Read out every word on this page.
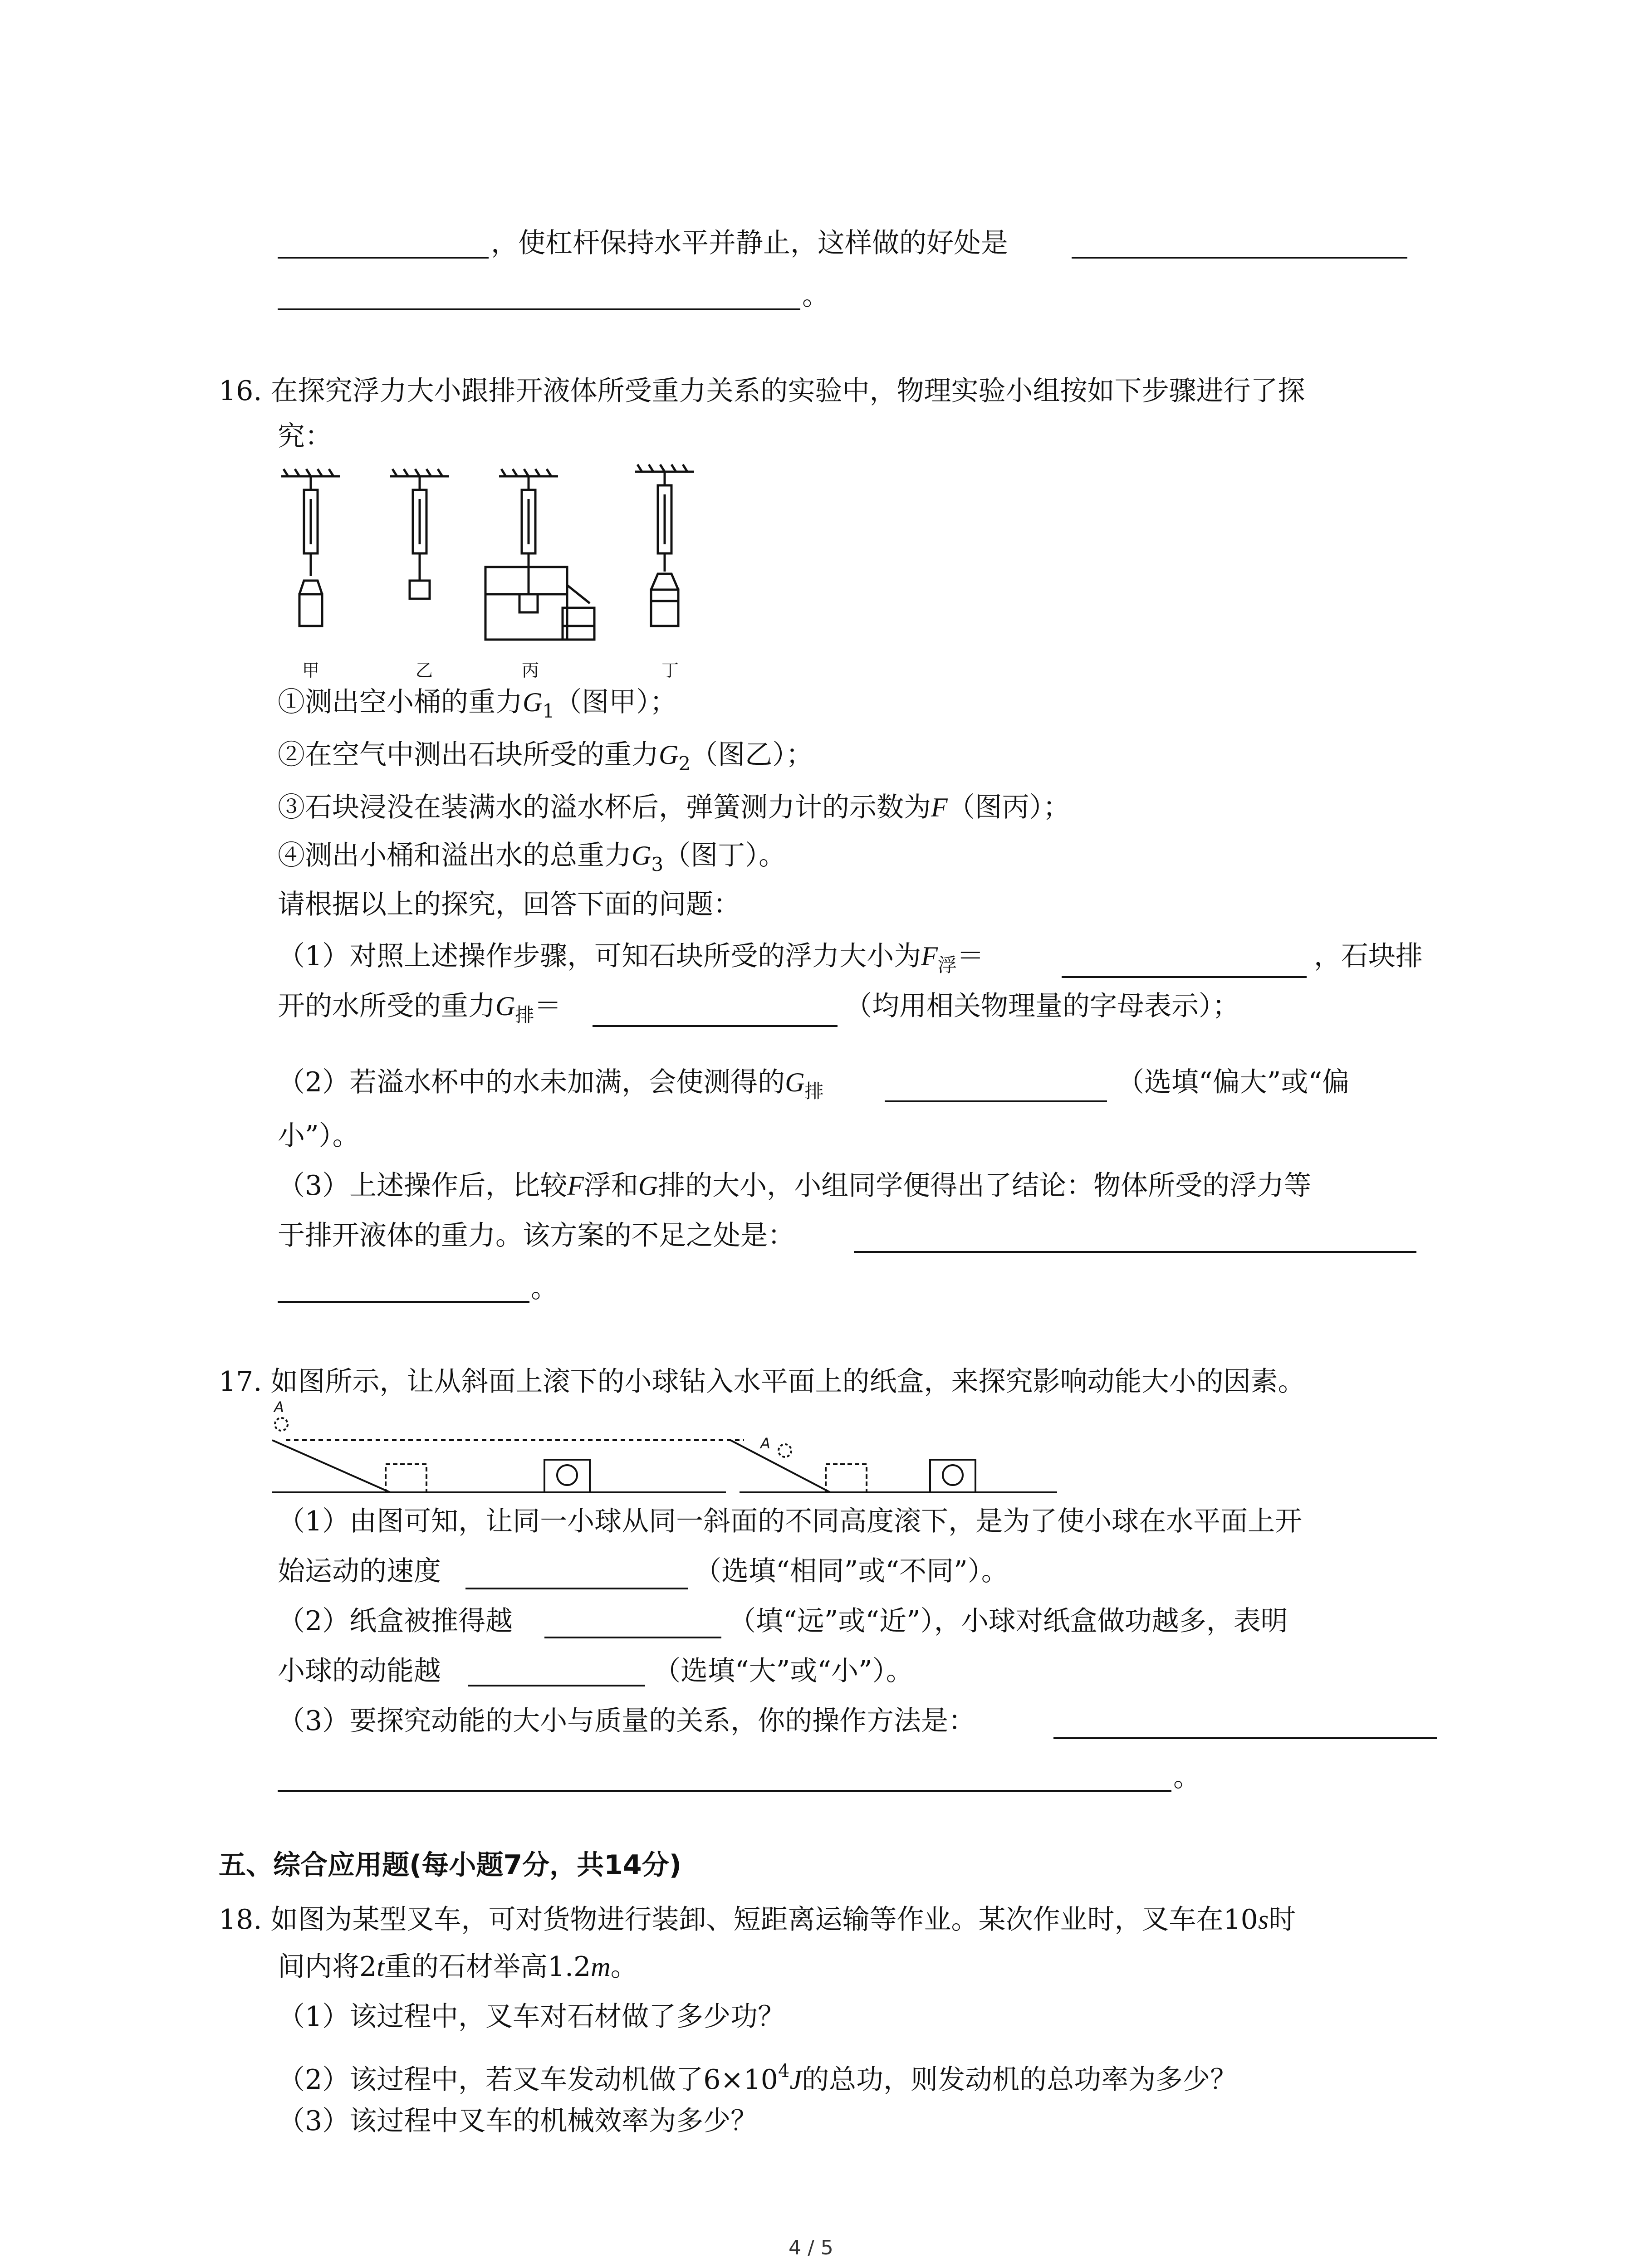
，使杠杆保持水平并静止，这样做的好处是
。
16. 在探究浮力大小跟排开液体所受重力关系的实验中，物理实验小组按如下步骤进行了探
究：
甲	乙	丙	丁
①测出空小桶的重力$G_1$（图甲）；
②在空气中测出石块所受的重力$G_2$（图乙）；
③石块浸没在装满水的溢水杯后，弹簧测力计的示数为F（图丙）；
④测出小桶和溢出水的总重力$G_3$（图丁）。
请根据以上的探究，回答下面的问题：
（1）对照上述操作步骤，可知石块所受的浮力大小为$F_浮=$	，石块排
开的水所受的重力$G_排=$	（均用相关物理量的字母表示）；
（2）若溢水杯中的水未加满，会使测得的$G_排$	（选填“偏大”或“偏
小”）。
（3）上述操作后，比较F浮和G排的大小，小组同学便得出了结论：物体所受的浮力等
于排开液体的重力。该方案的不足之处是：
。
17. 如图所示，让从斜面上滚下的小球钻入水平面上的纸盒，来探究影响动能大小的因素。
A
A
（1）由图可知，让同一小球从同一斜面的不同高度滚下，是为了使小球在水平面上开
始运动的速度	（选填“相同”或“不同”）。
（2）纸盒被推得越	（填“远”或“近”），小球对纸盒做功越多，表明
小球的动能越	（选填“大”或“小”）。
（3）要探究动能的大小与质量的关系，你的操作方法是：
。
五、综合应用题(每小题7分，共14分)
18. 如图为某型叉车，可对货物进行装卸、短距离运输等作业。某次作业时，叉车在10s时
间内将2t重的石材举高1.2m。
（1）该过程中，叉车对石材做了多少功？
（2）该过程中，若叉车发动机做了$6\times 10^4J$的总功，则发动机的总功率为多少？
（3）该过程中叉车的机械效率为多少？
4 / 5
